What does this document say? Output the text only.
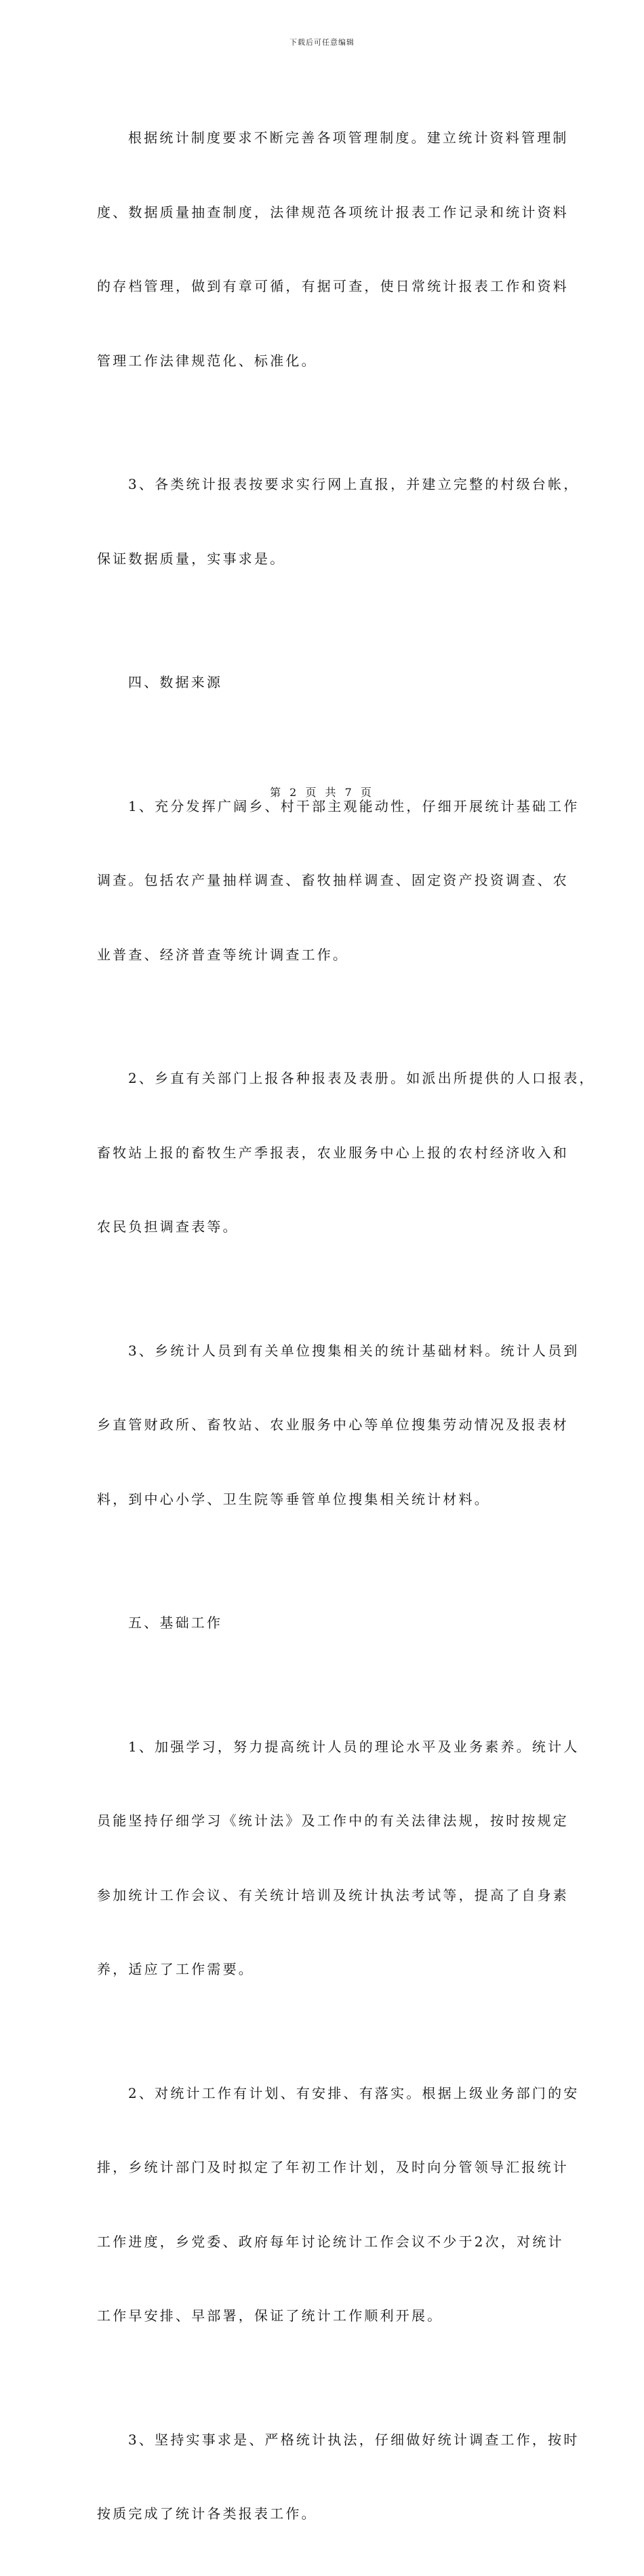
下载后可任意编辑

根据统计制度要求不断完善各项管理制度。建立统计资料管理制

度、数据质量抽查制度，法律规范各项统计报表工作记录和统计资料

的存档管理，做到有章可循，有据可查，使日常统计报表工作和资料

管理工作法律规范化、标准化。

3、各类统计报表按要求实行网上直报，并建立完整的村级台帐，

保证数据质量，实事求是。

四、数据来源

1、充分发挥广阔乡、村干部主观能动性，仔细开展统计基础工作

调查。包括农产量抽样调查、畜牧抽样调查、固定资产投资调查、农

业普查、经济普查等统计调查工作。

2、乡直有关部门上报各种报表及表册。如派出所提供的人口报表，

畜牧站上报的畜牧生产季报表，农业服务中心上报的农村经济收入和

农民负担调查表等。

3、乡统计人员到有关单位搜集相关的统计基础材料。统计人员到

乡直管财政所、畜牧站、农业服务中心等单位搜集劳动情况及报表材

料，到中心小学、卫生院等垂管单位搜集相关统计材料。

五、基础工作

1、加强学习，努力提高统计人员的理论水平及业务素养。统计人

员能坚持仔细学习《统计法》及工作中的有关法律法规，按时按规定

参加统计工作会议、有关统计培训及统计执法考试等，提高了自身素

养，适应了工作需要。

2、对统计工作有计划、有安排、有落实。根据上级业务部门的安

排，乡统计部门及时拟定了年初工作计划，及时向分管领导汇报统计

工作进度，乡党委、政府每年讨论统计工作会议不少于2次，对统计

工作早安排、早部署，保证了统计工作顺利开展。

3、坚持实事求是、严格统计执法，仔细做好统计调查工作，按时

按质完成了统计各类报表工作。

第 2 页 共 7 页
